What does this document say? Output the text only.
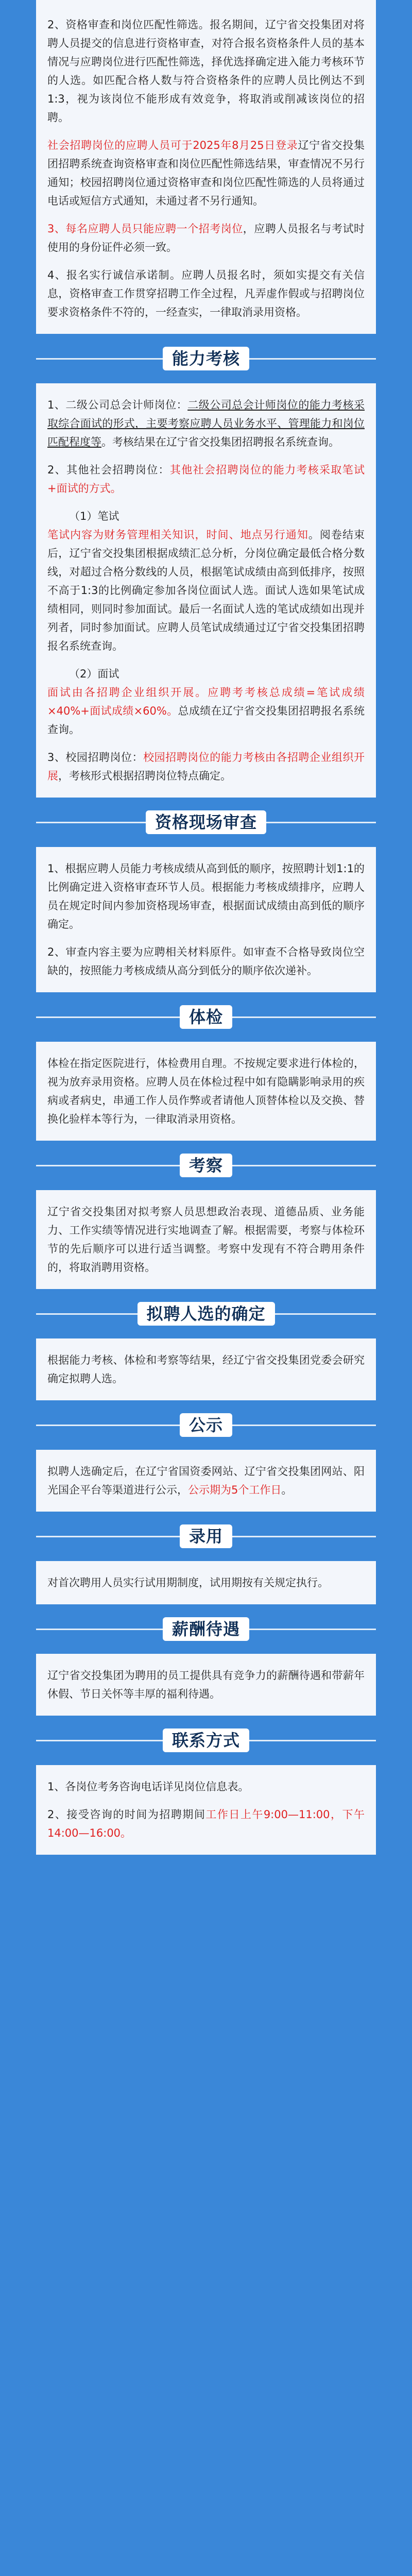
2、资格审查和岗位匹配性筛选。报名期间，辽宁省交投集团对将聘人员提交的信息进行资格审查，对符合报名资格条件人员的基本情况与应聘岗位进行匹配性筛选，择优选择确定进入能力考核环节的人选。如匹配合格人数与符合资格条件的应聘人员比例达不到1:3，视为该岗位不能形成有效竞争，将取消或削减该岗位的招聘。

社会招聘岗位的应聘人员可于2025年8月25日登录辽宁省交投集团招聘系统查询资格审查和岗位匹配性筛选结果，审查情况不另行通知；校园招聘岗位通过资格审查和岗位匹配性筛选的人员将通过电话或短信方式通知，未通过者不另行通知。

3、每名应聘人员只能应聘一个招考岗位，应聘人员报名与考试时使用的身份证件必须一致。

4、报名实行诚信承诺制。应聘人员报名时，须如实提交有关信息，资格审查工作贯穿招聘工作全过程，凡弄虚作假或与招聘岗位要求资格条件不符的，一经查实，一律取消录用资格。

能力考核

1、二级公司总会计师岗位：二级公司总会计师岗位的能力考核采取综合面试的形式，主要考察应聘人员业务水平、管理能力和岗位匹配程度等。考核结果在辽宁省交投集团招聘报名系统查询。

2、其他社会招聘岗位：其他社会招聘岗位的能力考核采取笔试+面试的方式。

（1）笔试

笔试内容为财务管理相关知识，时间、地点另行通知。阅卷结束后，辽宁省交投集团根据成绩汇总分析，分岗位确定最低合格分数线，对超过合格分数线的人员，根据笔试成绩由高到低排序，按照不高于1:3的比例确定参加各岗位面试人选。面试人选如果笔试成绩相同，则同时参加面试。最后一名面试人选的笔试成绩如出现并列者，同时参加面试。应聘人员笔试成绩通过辽宁省交投集团招聘报名系统查询。

（2）面试

面试由各招聘企业组织开展。应聘考考核总成绩=笔试成绩×40%+面试成绩×60%。总成绩在辽宁省交投集团招聘报名系统查询。

3、校园招聘岗位：校园招聘岗位的能力考核由各招聘企业组织开展，考核形式根据招聘岗位特点确定。

资格现场审查

1、根据应聘人员能力考核成绩从高到低的顺序，按照聘计划1:1的比例确定进入资格审查环节人员。根据能力考核成绩排序，应聘人员在规定时间内参加资格现场审查，根据面试成绩由高到低的顺序确定。

2、审查内容主要为应聘相关材料原件。如审查不合格导致岗位空缺的，按照能力考核成绩从高分到低分的顺序依次递补。

体检

体检在指定医院进行，体检费用自理。不按规定要求进行体检的，视为放弃录用资格。应聘人员在体检过程中如有隐瞒影响录用的疾病或者病史，串通工作人员作弊或者请他人顶替体检以及交换、替换化验样本等行为，一律取消录用资格。

考察

辽宁省交投集团对拟考察人员思想政治表现、道德品质、业务能力、工作实绩等情况进行实地调查了解。根据需要，考察与体检环节的先后顺序可以进行适当调整。考察中发现有不符合聘用条件的，将取消聘用资格。

拟聘人选的确定

根据能力考核、体检和考察等结果，经辽宁省交投集团党委会研究确定拟聘人选。

公示

拟聘人选确定后，在辽宁省国资委网站、辽宁省交投集团网站、阳光国企平台等渠道进行公示，公示期为5个工作日。

录用

对首次聘用人员实行试用期制度，试用期按有关规定执行。

薪酬待遇

辽宁省交投集团为聘用的员工提供具有竞争力的薪酬待遇和带薪年休假、节日关怀等丰厚的福利待遇。

联系方式

1、各岗位考务咨询电话详见岗位信息表。

2、接受咨询的时间为招聘期间工作日上午9:00—11:00，下午14:00—16:00。
